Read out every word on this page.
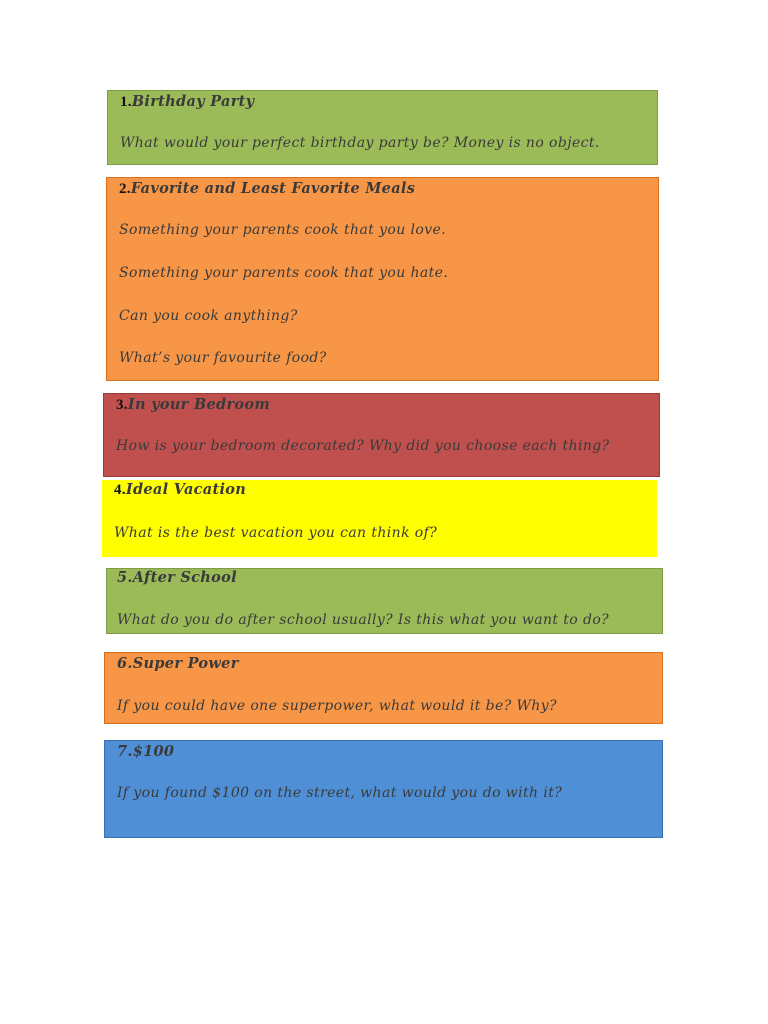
1.Birthday Party
What would your perfect birthday party be? Money is no object.
2.Favorite and Least Favorite Meals
Something your parents cook that you love.
Something your parents cook that you hate.
Can you cook anything?
What’s your favourite food?
3.In your Bedroom
How is your bedroom decorated? Why did you choose each thing?
4.Ideal Vacation
What is the best vacation you can think of?
5.After School
What do you do after school usually? Is this what you want to do?
6.Super Power
If you could have one superpower, what would it be? Why?
7.$100
If you found $100 on the street, what would you do with it?
